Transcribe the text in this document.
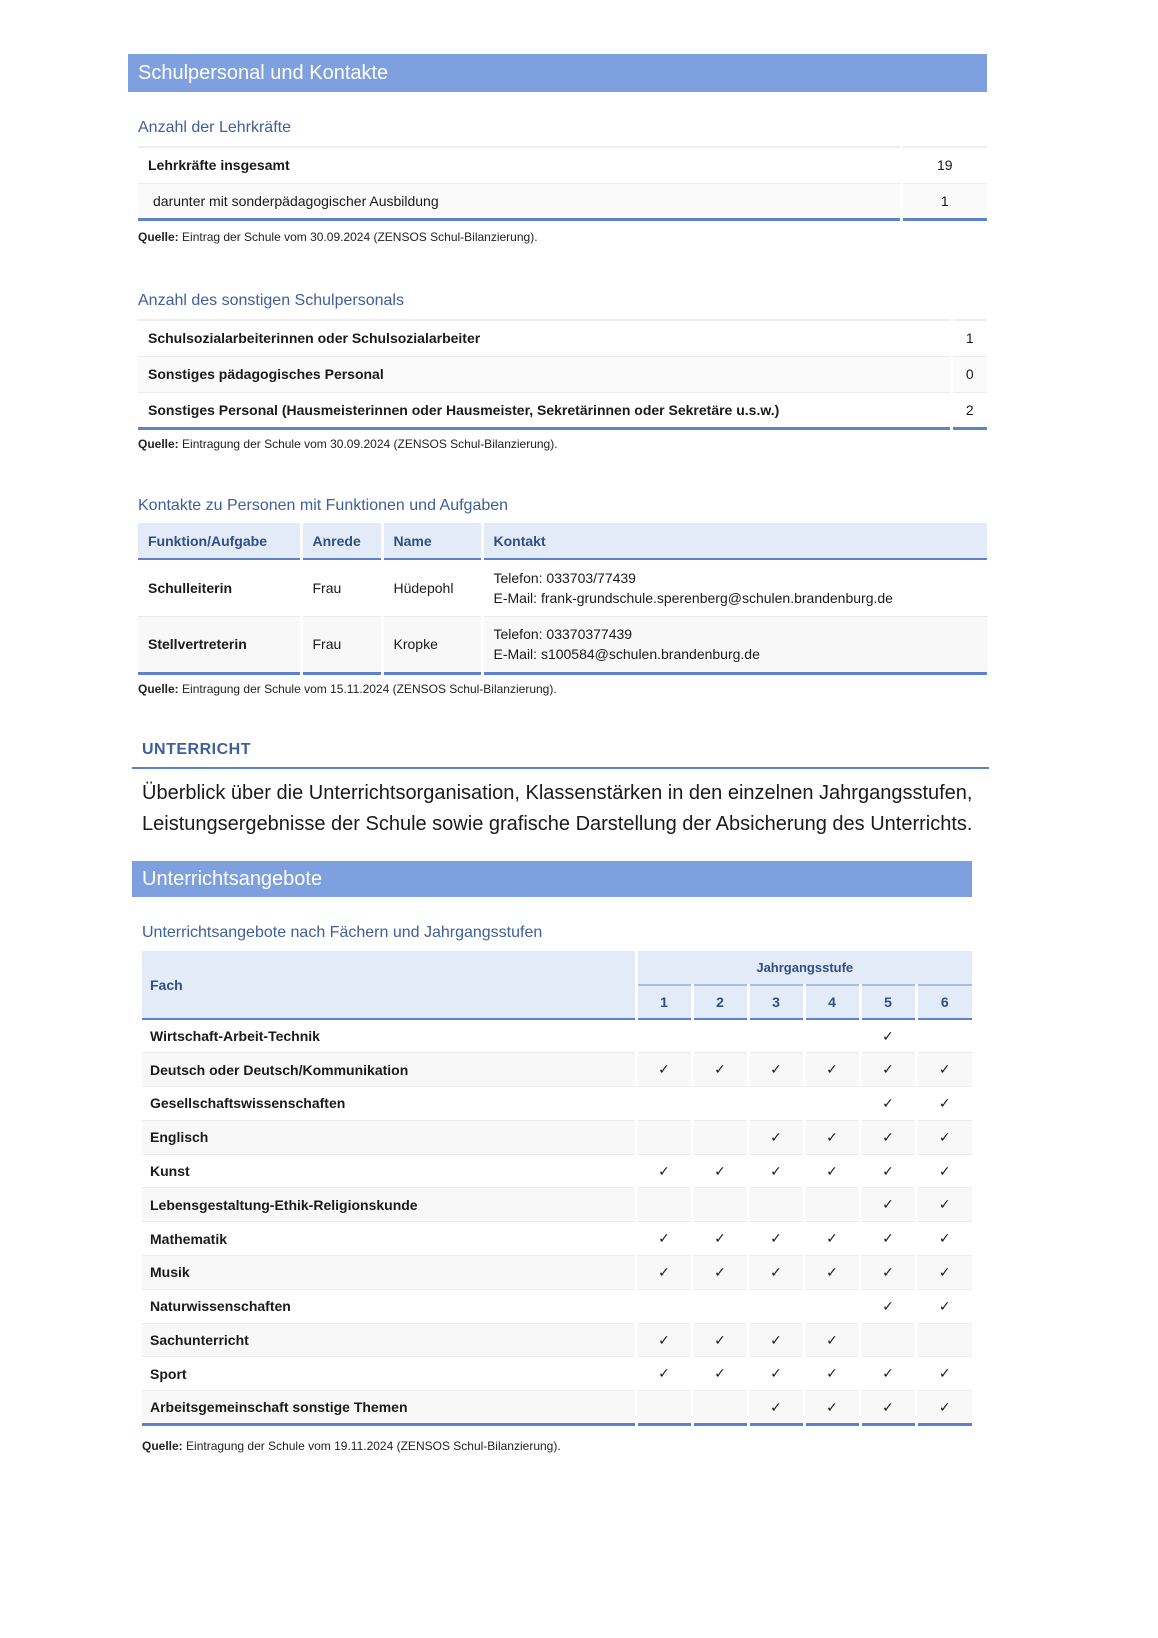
Schulpersonal und Kontakte
Anzahl der Lehrkräfte
Lehrkräfte insgesamt	19
darunter mit sonderpädagogischer Ausbildung	1
Quelle: Eintrag der Schule vom 30.09.2024 (ZENSOS Schul-Bilanzierung).
Anzahl des sonstigen Schulpersonals
Schulsozialarbeiterinnen oder Schulsozialarbeiter	1
Sonstiges pädagogisches Personal	0
Sonstiges Personal (Hausmeisterinnen oder Hausmeister, Sekretärinnen oder Sekretäre u.s.w.)	2
Quelle: Eintragung der Schule vom 30.09.2024 (ZENSOS Schul-Bilanzierung).
Kontakte zu Personen mit Funktionen und Aufgaben
Funktion/Aufgabe	Anrede	Name	Kontakt
Schulleiterin	Frau	Hüdepohl	Telefon: 033703/77439
E-Mail: frank-grundschule.sperenberg@schulen.brandenburg.de

Stellvertreterin	Frau	Kropke	Telefon: 03370377439
E-Mail: s100584@schulen.brandenburg.de
Quelle: Eintragung der Schule vom 15.11.2024 (ZENSOS Schul-Bilanzierung).
UNTERRICHT
Überblick über die Unterrichtsorganisation, Klassenstärken in den einzelnen Jahrgangsstufen,
Leistungsergebnisse der Schule sowie grafische Darstellung der Absicherung des Unterrichts.
Unterrichtsangebote
Unterrichtsangebote nach Fächern und Jahrgangsstufen
Fach	Jahrgangsstufe					
	1	2	3	4	5	6
Wirtschaft-Arbeit-Technik					✓	
Deutsch oder Deutsch/Kommunikation	✓	✓	✓	✓	✓	✓
Gesellschaftswissenschaften					✓	✓
Englisch			✓	✓	✓	✓
Kunst	✓	✓	✓	✓	✓	✓
Lebensgestaltung-Ethik-Religionskunde					✓	✓
Mathematik	✓	✓	✓	✓	✓	✓
Musik	✓	✓	✓	✓	✓	✓
Naturwissenschaften					✓	✓
Sachunterricht	✓	✓	✓	✓		
Sport	✓	✓	✓	✓	✓	✓
Arbeitsgemeinschaft sonstige Themen			✓	✓	✓	✓
Quelle: Eintragung der Schule vom 19.11.2024 (ZENSOS Schul-Bilanzierung).
